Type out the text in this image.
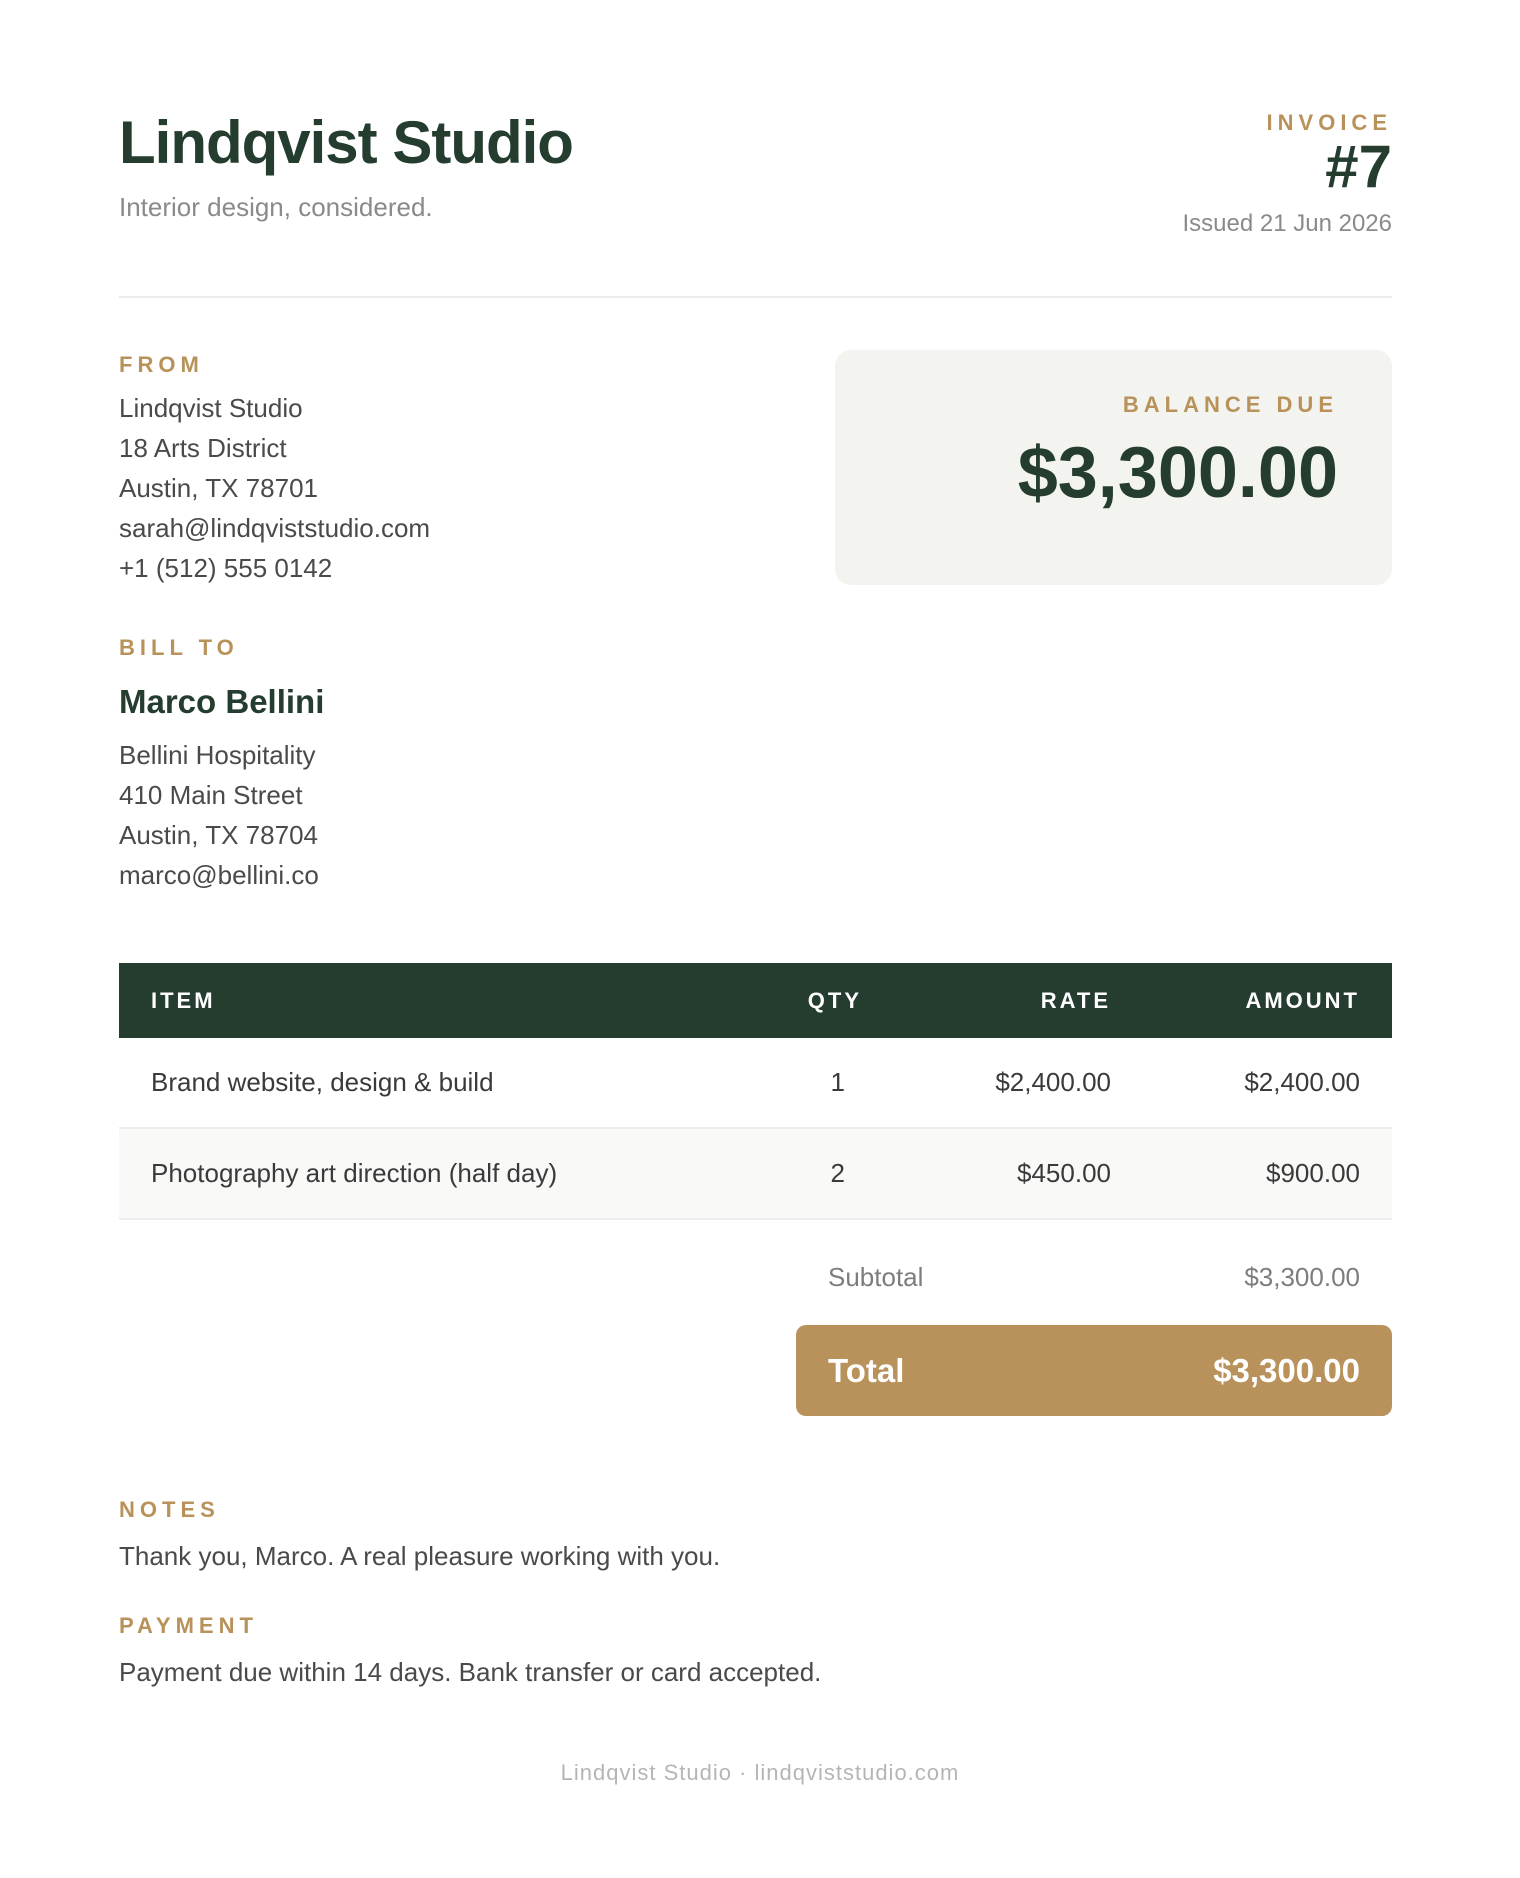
Lindqvist Studio
Interior design, considered.
INVOICE
#7
Issued 21 Jun 2026
FROM
Lindqvist Studio
18 Arts District
Austin, TX 78701
sarah@lindqviststudio.com
+1 (512) 555 0142
BALANCE DUE
$3,300.00
BILL TO
Marco Bellini
Bellini Hospitality
410 Main Street
Austin, TX 78704
marco@bellini.co
ITEM	QTY	RATE	AMOUNT
Brand website, design & build	1	$2,400.00	$2,400.00
Photography art direction (half day)	2	$450.00	$900.00
Subtotal	$3,300.00
Total	$3,300.00
NOTES
Thank you, Marco. A real pleasure working with you.
PAYMENT
Payment due within 14 days. Bank transfer or card accepted.
Lindqvist Studio · lindqviststudio.com
